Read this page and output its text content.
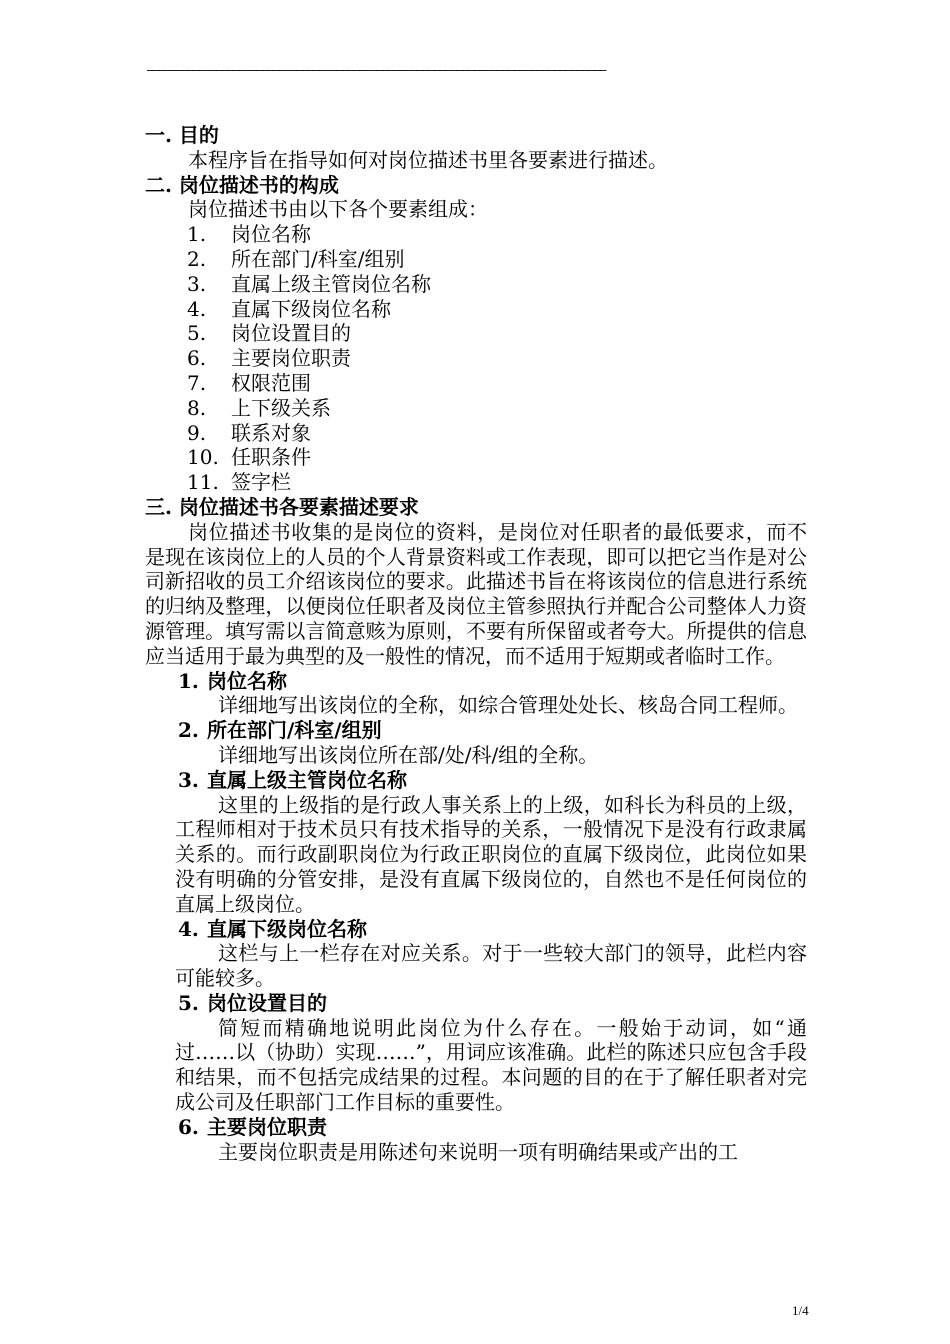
————————————————————————————————————————————————————————————————————————————————

一. 目的

本程序旨在指导如何对岗位描述书里各要素进行描述。

二. 岗位描述书的构成

岗位描述书由以下各个要素组成：

1.	岗位名称
2.	所在部门/科室/组别
3.	直属上级主管岗位名称
4.	直属下级岗位名称
5.	岗位设置目的
6.	主要岗位职责
7.	权限范围
8.	上下级关系
9.	联系对象
10. 任职条件
11. 签字栏

三. 岗位描述书各要素描述要求

岗位描述书收集的是岗位的资料，是岗位对任职者的最低要求，而不是现在该岗位上的人员的个人背景资料或工作表现，即可以把它当作是对公司新招收的员工介绍该岗位的要求。此描述书旨在将该岗位的信息进行系统的归纳及整理，以便岗位任职者及岗位主管参照执行并配合公司整体人力资源管理。填写需以言简意赅为原则，不要有所保留或者夸大。所提供的信息应当适用于最为典型的及一般性的情况，而不适用于短期或者临时工作。

1. 岗位名称

详细地写出该岗位的全称，如综合管理处处长、核岛合同工程师。

2. 所在部门/科室/组别

详细地写出该岗位所在部/处/科/组的全称。

3. 直属上级主管岗位名称

这里的上级指的是行政人事关系上的上级，如科长为科员的上级，工程师相对于技术员只有技术指导的关系，一般情况下是没有行政隶属关系的。而行政副职岗位为行政正职岗位的直属下级岗位，此岗位如果没有明确的分管安排，是没有直属下级岗位的，自然也不是任何岗位的直属上级岗位。

4. 直属下级岗位名称

这栏与上一栏存在对应关系。对于一些较大部门的领导，此栏内容可能较多。

5. 岗位设置目的

简短而精确地说明此岗位为什么存在。一般始于动词，如“通过……以（协助）实现……”，用词应该准确。此栏的陈述只应包含手段和结果，而不包括完成结果的过程。本问题的目的在于了解任职者对完成公司及任职部门工作目标的重要性。

6. 主要岗位职责

主要岗位职责是用陈述句来说明一项有明确结果或产出的工

1/4
